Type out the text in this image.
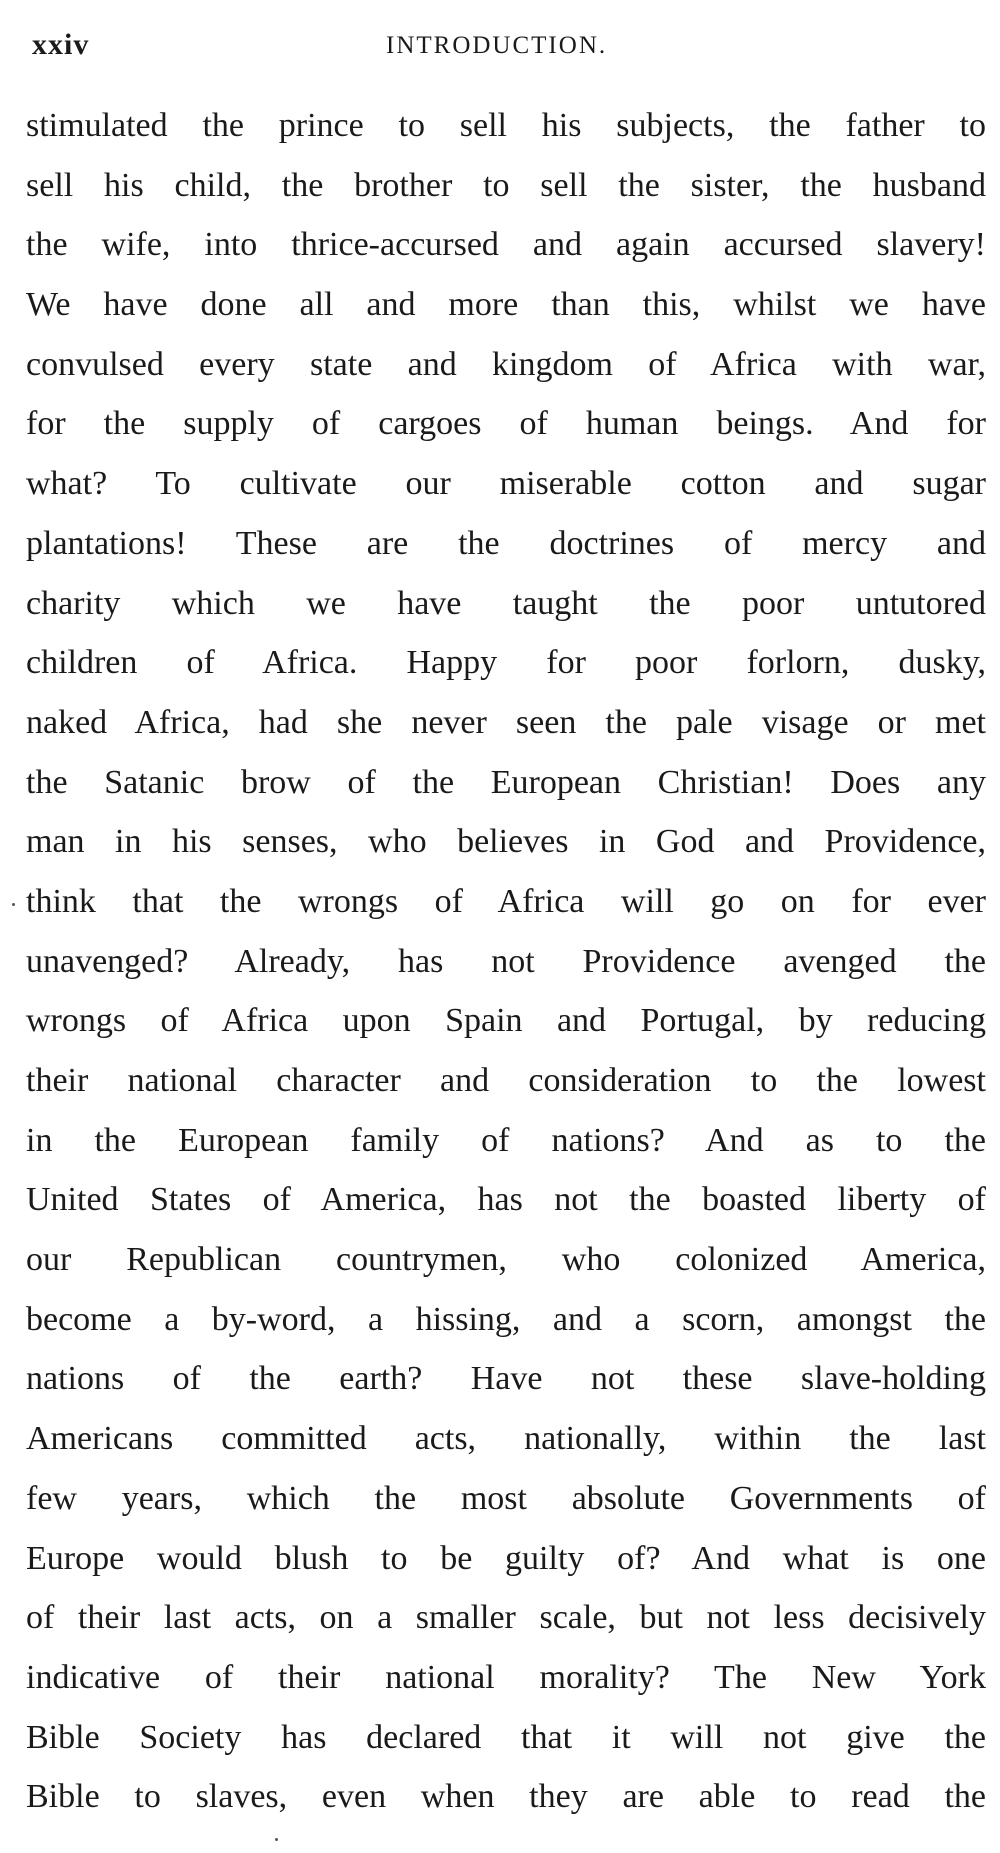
xxiv	INTRODUCTION.
stimulated the prince to sell his subjects, the father to
sell his child, the brother to sell the sister, the husband
the wife, into thrice-accursed and again accursed slavery!
We have done all and more than this, whilst we have
convulsed every state and kingdom of Africa with war,
for the supply of cargoes of human beings. And for
what? To cultivate our miserable cotton and sugar
plantations! These are the doctrines of mercy and
charity which we have taught the poor untutored
children of Africa. Happy for poor forlorn, dusky,
naked Africa, had she never seen the pale visage or met
the Satanic brow of the European Christian! Does any
man in his senses, who believes in God and Providence,
think that the wrongs of Africa will go on for ever
unavenged? Already, has not Providence avenged the
wrongs of Africa upon Spain and Portugal, by reducing
their national character and consideration to the lowest
in the European family of nations? And as to the
United States of America, has not the boasted liberty of
our Republican countrymen, who colonized America,
become a by-word, a hissing, and a scorn, amongst the
nations of the earth? Have not these slave-holding
Americans committed acts, nationally, within the last
few years, which the most absolute Governments of
Europe would blush to be guilty of? And what is one
of their last acts, on a smaller scale, but not less decisively
indicative of their national morality? The New York
Bible Society has declared that it will not give the
Bible to slaves, even when they are able to read the
